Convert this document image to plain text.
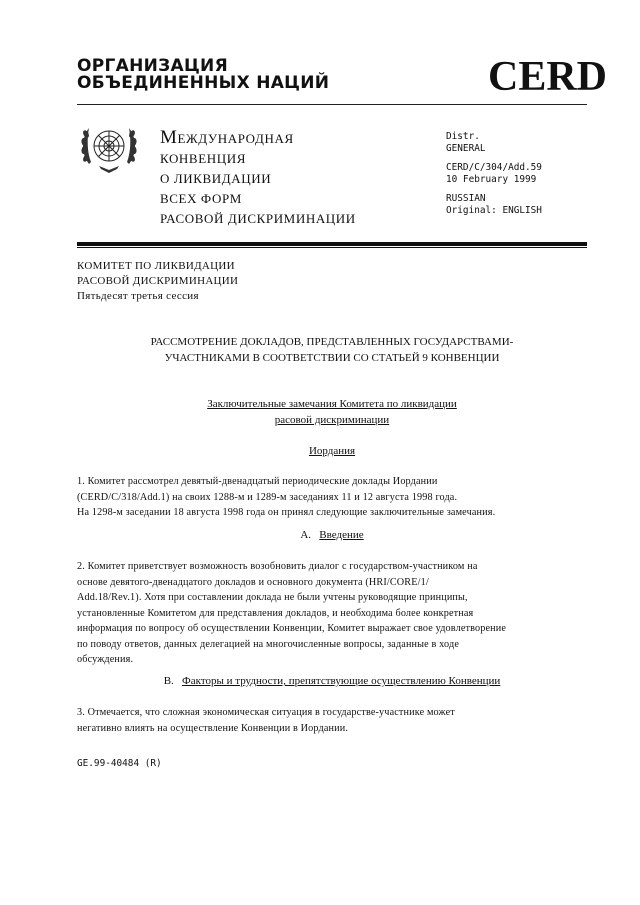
ОРГАНИЗАЦИЯ
ОБЪЕДИНЕННЫХ НАЦИЙ	CERD
МЕЖДУНАРОДНАЯ
КОНВЕНЦИЯ
О ЛИКВИДАЦИИ
ВСЕХ ФОРМ
РАСОВОЙ ДИСКРИМИНАЦИИ
Distr.
GENERAL
CERD/C/304/Add.59
10 February 1999
RUSSIAN
Original: ENGLISH
КОМИТЕТ ПО ЛИКВИДАЦИИ
РАСОВОЙ ДИСКРИМИНАЦИИ
Пятьдесят третья сессия
РАССМОТРЕНИЕ ДОКЛАДОВ, ПРЕДСТАВЛЕННЫХ ГОСУДАРСТВАМИ-
УЧАСТНИКАМИ В СООТВЕТСТВИИ СО СТАТЬЕЙ 9 КОНВЕНЦИИ
Заключительные замечания Комитета по ликвидации
расовой дискриминации
Иордания
1. Комитет рассмотрел девятый-двенадцатый периодические доклады Иордании
(CERD/C/318/Add.1) на своих 1288-м и 1289-м заседаниях 11 и 12 августа 1998 года.
На 1298-м заседании 18 августа 1998 года он принял следующие заключительные замечания.
A. Введение
2. Комитет приветствует возможность возобновить диалог с государством-участником на
основе девятого-двенадцатого докладов и основного документа (HRI/CORE/1/
Add.18/Rev.1). Хотя при составлении доклада не были учтены руководящие принципы,
установленные Комитетом для представления докладов, и необходима более конкретная
информация по вопросу об осуществлении Конвенции, Комитет выражает свое удовлетворение
по поводу ответов, данных делегацией на многочисленные вопросы, заданные в ходе
обсуждения.
B. Факторы и трудности, препятствующие осуществлению Конвенции
3. Отмечается, что сложная экономическая ситуация в государстве-участнике может
негативно влиять на осуществление Конвенции в Иордании.
GE.99-40484 (R)
